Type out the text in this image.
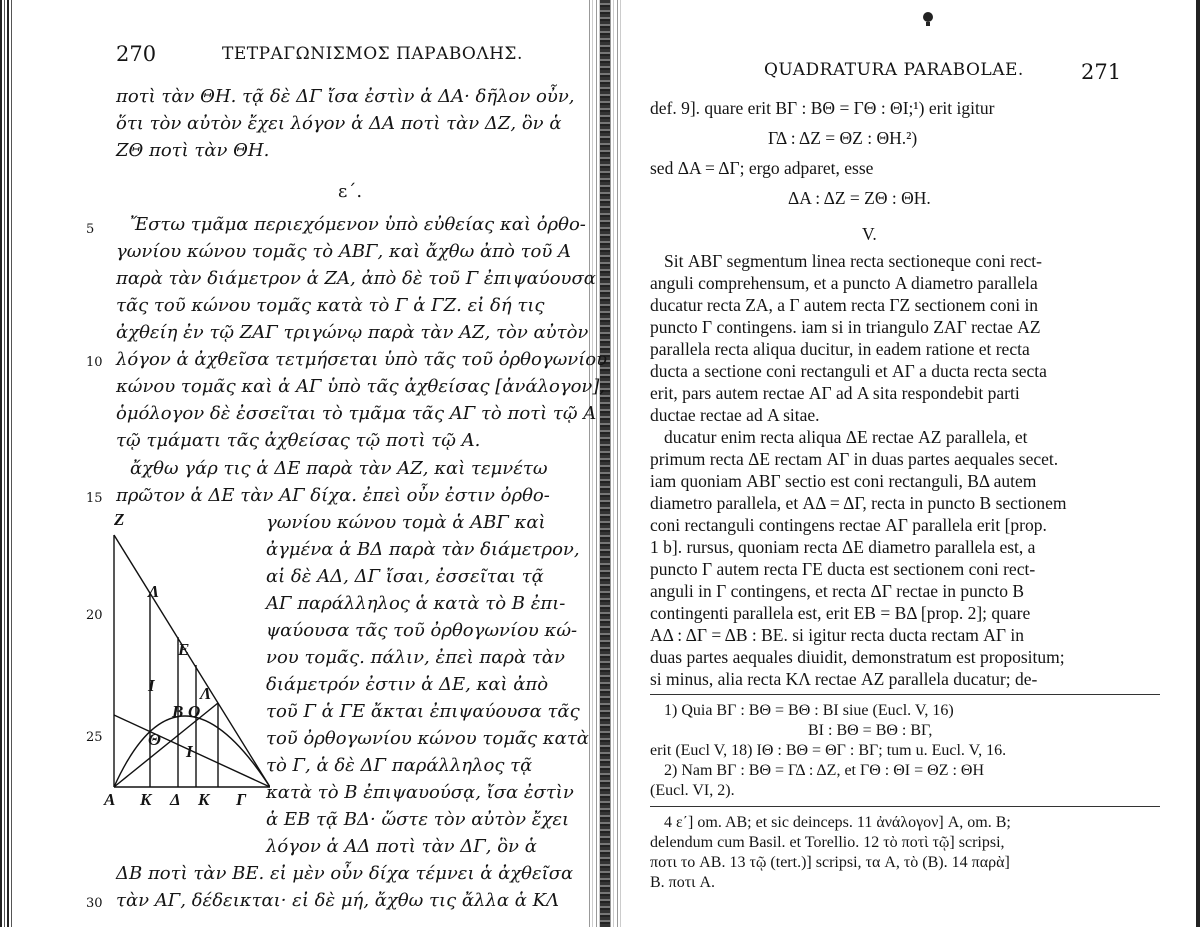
270	ΤΕΤΡΑΓΩΝΙΣΜΟΣ ΠΑΡΑΒΟΛΗΣ.
ποτὶ τὰν ΘΗ. τᾷ δὲ ΔΓ ἴσα ἐστὶν ἁ ΔΑ· δῆλον οὖν,
ὅτι τὸν αὐτὸν ἔχει λόγον ἁ ΔΑ ποτὶ τὰν ΔΖ, ὃν ἁ
ΖΘ ποτὶ τὰν ΘΗ.
ε΄.
5 Ἔστω τμᾶμα περιεχόμενον ὑπὸ εὐθείας καὶ ὀρθο-
γωνίου κώνου τομᾶς τὸ ΑΒΓ, καὶ ἄχθω ἀπὸ τοῦ Α
παρὰ τὰν διάμετρον ἁ ΖΑ, ἀπὸ δὲ τοῦ Γ ἐπιψαύουσα
τᾶς τοῦ κώνου τομᾶς κατὰ τὸ Γ ἁ ΓΖ. εἰ δή τις
ἀχθείη ἐν τῷ ΖΑΓ τριγώνῳ παρὰ τὰν ΑΖ, τὸν αὐτὸν
10 λόγον ἁ ἀχθεῖσα τετμήσεται ὑπὸ τᾶς τοῦ ὀρθογωνίου
κώνου τομᾶς καὶ ἁ ΑΓ ὑπὸ τᾶς ἀχθείσας [ἀνάλογον],
ὁμόλογον δὲ ἐσσεῖται τὸ τμᾶμα τᾶς ΑΓ τὸ ποτὶ τῷ Α
τῷ τμάματι τᾶς ἀχθείσας τῷ ποτὶ τῷ Α.
ἄχθω γάρ τις ἁ ΔΕ παρὰ τὰν ΑΖ, καὶ τεμνέτω
15 πρῶτον ἁ ΔΕ τὰν ΑΓ δίχα. ἐπεὶ οὖν ἐστιν ὀρθο-
γωνίου κώνου τομὰ ἁ ΑΒΓ καὶ
ἀγμένα ἁ ΒΔ παρὰ τὰν διάμετρον,
αἱ δὲ ΑΔ, ΔΓ ἴσαι, ἐσσεῖται τᾷ
ΑΓ παράλληλος ἁ κατὰ τὸ Β ἐπι-
20
ψαύουσα τᾶς τοῦ ὀρθογωνίου κώ-
νου τομᾶς. πάλιν, ἐπεὶ παρὰ τὰν
διάμετρόν ἐστιν ἁ ΔΕ, καὶ ἀπὸ
τοῦ Γ ἁ ΓΕ ἄκται ἐπιψαύουσα τᾶς
25	τοῦ ὀρθογωνίου κώνου τομᾶς κατὰ
τὸ Γ, ἁ δὲ ΔΓ παράλληλος τᾷ
κατὰ τὸ Β ἐπιψαυούσᾳ, ἴσα ἐστὶν
ἁ ΕΒ τᾷ ΒΔ· ὥστε τὸν αὐτὸν ἔχει
λόγον ἁ ΑΔ ποτὶ τὰν ΔΓ, ὃν ἁ
ΔΒ ποτὶ τὰν ΒΕ. εἰ μὲν οὖν δίχα τέμνει ἁ ἀχθεῖσα
30 τὰν ΑΓ, δέδεικται· εἰ δὲ μή, ἄχθω τις ἄλλα ἁ ΚΛ
Z
Λ
E
I	Λ
B O
Θ
I
A K Δ K Γ
QUADRATURA PARABOLAE.	271
def. 9]. quare erit ΒΓ : ΒΘ = ΓΘ : ΘΙ;¹) erit igitur
ΓΔ : ΔΖ = ΘΖ : ΘΗ.²)
sed ΔΑ = ΔΓ; ergo adparet, esse
ΔΑ : ΔΖ = ΖΘ : ΘΗ.
V.
Sit ΑΒΓ segmentum linea recta sectioneque coni rect-
anguli comprehensum, et a puncto Α diametro parallela
ducatur recta ΖΑ, a Γ autem recta ΓΖ sectionem coni in
puncto Γ contingens. iam si in triangulo ΖΑΓ rectae ΑΖ
parallela recta aliqua ducitur, in eadem ratione et recta
ducta a sectione coni rectanguli et ΑΓ a ducta recta secta
erit, pars autem rectae ΑΓ ad Α sita respondebit parti
ductae rectae ad Α sitae.
ducatur enim recta aliqua ΔΕ rectae ΑΖ parallela, et
primum recta ΔΕ rectam ΑΓ in duas partes aequales secet.
iam quoniam ΑΒΓ sectio est coni rectanguli, ΒΔ autem
diametro parallela, et ΑΔ = ΔΓ, recta in puncto B sectionem
coni rectanguli contingens rectae ΑΓ parallela erit [prop.
1 b]. rursus, quoniam recta ΔΕ diametro parallela est, a
puncto Γ autem recta ΓΕ ducta est sectionem coni rect-
anguli in Γ contingens, et recta ΔΓ rectae in puncto B
contingenti parallela est, erit ΕΒ = ΒΔ [prop. 2]; quare
ΑΔ : ΔΓ = ΔΒ : ΒΕ. si igitur recta ducta rectam ΑΓ in
duas partes aequales diuidit, demonstratum est propositum;
si minus, alia recta ΚΛ rectae ΑΖ parallela ducatur; de-
1) Quia ΒΓ : ΒΘ = ΒΘ : ΒΙ siue (Eucl. V, 16)
ΒΙ : ΒΘ = ΒΘ : ΒΓ,
erit (Eucl V, 18) ΙΘ : ΒΘ = ΘΓ : ΒΓ; tum u. Eucl. V, 16.
2) Nam ΒΓ : ΒΘ = ΓΔ : ΔΖ, et ΓΘ : ΘΙ = ΘΖ : ΘΗ
(Eucl. VI, 2).
4 ε΄] om. AB; et sic deinceps. 11 ἀνάλογον] A, om. B;
delendum cum Basil. et Torellio. 12 τὸ ποτὶ τῷ] scripsi,
ποτι το AB. 13 τῷ (tert.)] scripsi, τα A, τὸ (B). 14 παρὰ]
B. ποτι A.
